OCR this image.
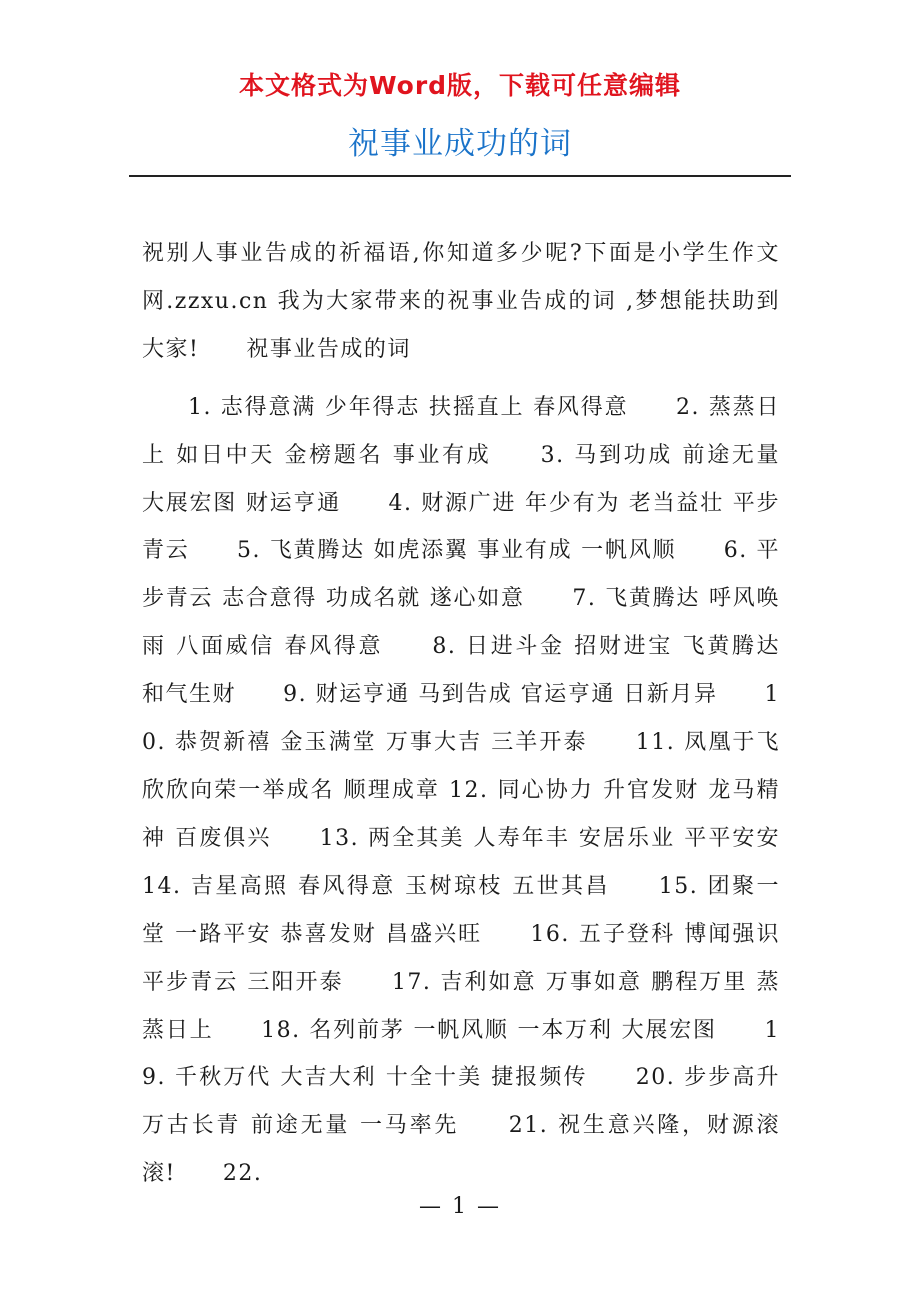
本文格式为Word版，下载可任意编辑
祝事业成功的词

祝别人事业告成的祈福语,你知道多少呢?下面是小学生作文网.zzxu.cn 我为大家带来的祝事业告成的词 ,梦想能扶助到大家!　　祝事业告成的词

1. 志得意满 少年得志 扶摇直上 春风得意　　2. 蒸蒸日上 如日中天 金榜题名 事业有成　　3. 马到功成 前途无量 大展宏图 财运亨通　　4. 财源广进 年少有为 老当益壮 平步青云　　5. 飞黄腾达 如虎添翼 事业有成 一帆风顺　　6. 平步青云 志合意得 功成名就 遂心如意　　7. 飞黄腾达 呼风唤雨 八面威信 春风得意　　8. 日进斗金 招财进宝 飞黄腾达 和气生财　　9. 财运亨通 马到告成 官运亨通 日新月异　　10. 恭贺新禧 金玉满堂 万事大吉 三羊开泰　　11. 凤凰于飞 欣欣向荣一举成名 顺理成章 12. 同心协力 升官发财 龙马精神 百废俱兴　　13. 两全其美 人寿年丰 安居乐业 平平安安　　14. 吉星高照 春风得意 玉树琼枝 五世其昌　　15. 团聚一堂 一路平安 恭喜发财 昌盛兴旺　　16. 五子登科 博闻强识 平步青云 三阳开泰　　17. 吉利如意 万事如意 鹏程万里 蒸蒸日上　　18. 名列前茅 一帆风顺 一本万利 大展宏图　　19. 千秋万代 大吉大利 十全十美 捷报频传　　20. 步步高升 万古长青 前途无量 一马率先　　21. 祝生意兴隆，财源滚滚!　　22.

— 1 —
